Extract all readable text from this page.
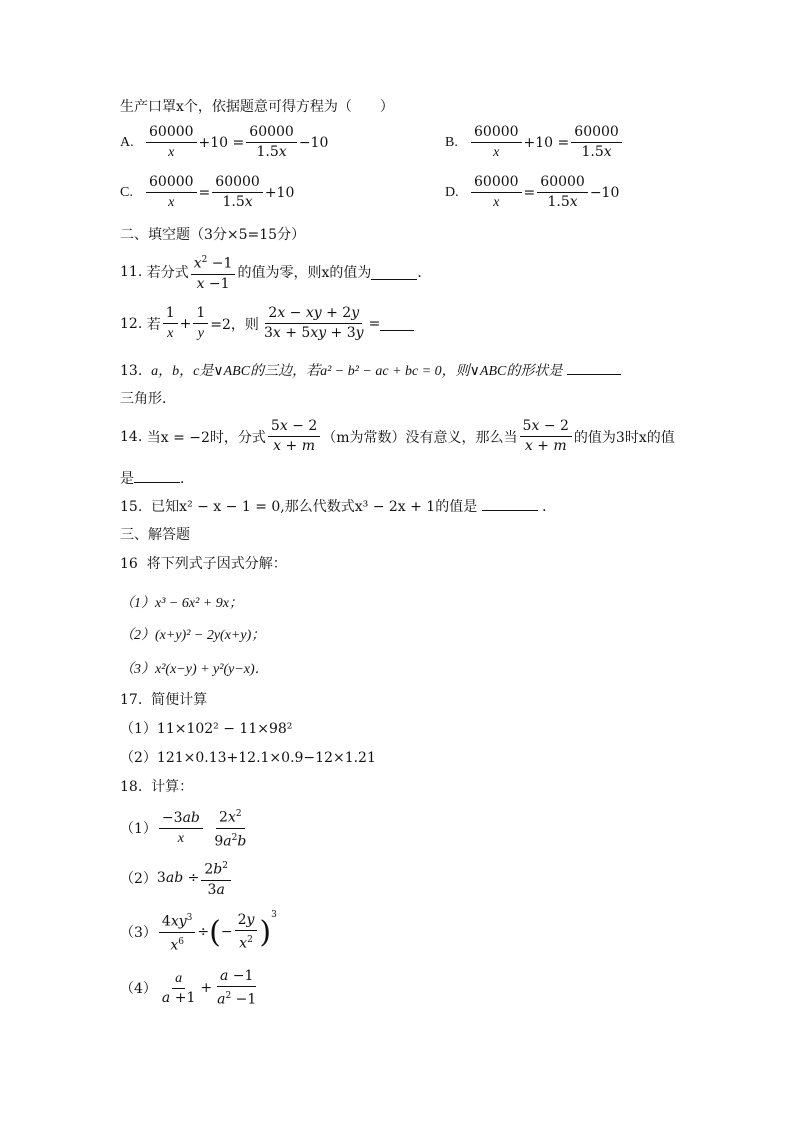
生产口罩x个，依据题意可得方程为（　　）
A. $\frac{60000}{x} +10 = \frac{60000}{1.5x} -10$	B. $\frac{60000}{x} +10 = \frac{60000}{1.5x}$
C. $\frac{60000}{x} = \frac{60000}{1.5x} +10$	D. $\frac{60000}{x} = \frac{60000}{1.5x} -10$
二、填空题（3分×5=15分）
11.
若分式 $\frac{x^2 -1}{x -1}$ 的值为零，则x的值为	．
12.
若 $\frac{1}{x} + \frac{1}{y} =2$，则 $\frac{2x - xy + 2y}{3x + 5xy + 3y}$ =
13. a，b，c是∨ABC的三边，若a² − b² − ac + bc = 0，则∨ABC的形状是
三角形．
14.
当x = −2时，分式 $\frac{5x - 2}{x + m} (m$为常数）没有意义，那么当 $\frac{5x - 2}{x + m}$ 的值为3时x的值
是	．
15. 已知x² − x − 1 = 0,那么代数式x³ − 2x + 1的值是	．
三、解答题
16 将下列式子因式分解：
（1）x³ − 6x² + 9x；
（2）(x+y)² − 2y(x+y)；
（3）x²(x−y) + y²(y−x)．
17. 简便计算
（1）11×102² − 11×98²
（2）121×0.13+12.1×0.9−12×1.21
18. 计算：
$(1) \frac{-3ab}{x}$
$\frac{2x^2}{9a^2b}$
（2） $3ab \div \frac{2b^2}{3a}$
$(3) \frac{4xy^3}{x^6}$ ÷ ( − $\frac{2y}{x^2} )^3$
$(4) \frac{a}{a +1} + \frac{a -1}{a^2 -1}$
